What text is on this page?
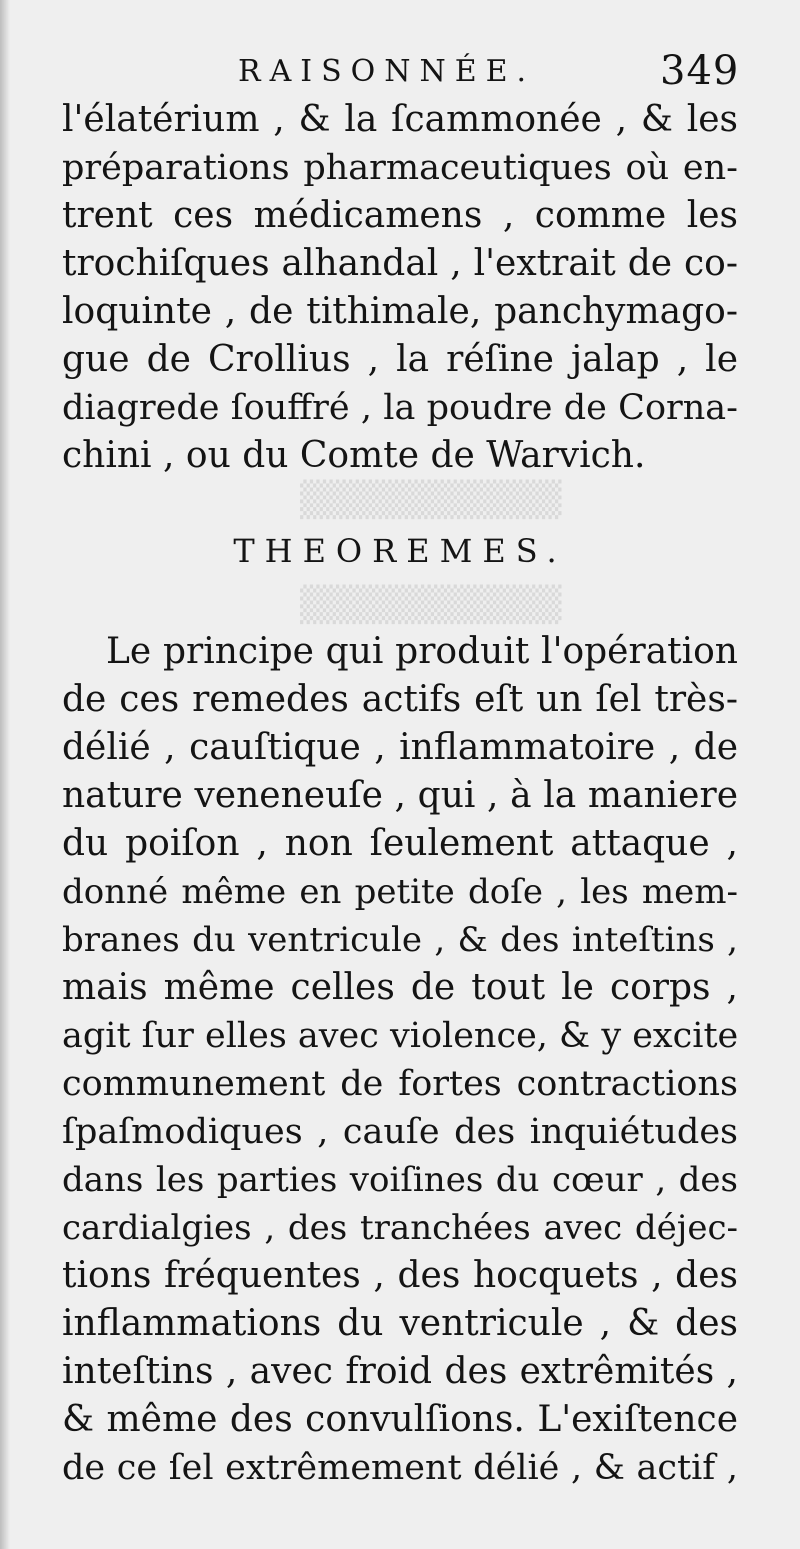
▒▒▒▒▒▒▒▒▒▒
▒▒▒▒▒▒▒▒▒▒
RAISONNÉE.	349
l'élatérium , & la ſcammonée , & les
préparations pharmaceutiques où en-
trent ces médicamens , comme les
trochiſques alhandal , l'extrait de co-
loquinte , de tithimale, panchymago-
gue de Crollius , la réſine jalap , le
diagrede ſouffré , la poudre de Corna-
chini , ou du Comte de Warvich.
THEOREMES.
Le principe qui produit l'opération
de ces remedes actifs eſt un ſel très-
délié , cauſtique , inflammatoire , de
nature veneneuſe , qui , à la maniere
du poiſon , non ſeulement attaque ,
donné même en petite doſe , les mem-
branes du ventricule , & des inteſtins ,
mais même celles de tout le corps ,
agit ſur elles avec violence, & y excite
communement de fortes contractions
ſpaſmodiques , cauſe des inquiétudes
dans les parties voiſines du cœur , des
cardialgies , des tranchées avec déjec-
tions fréquentes , des hocquets , des
inflammations du ventricule , & des
inteſtins , avec froid des extrêmités ,
& même des convulſions. L'exiſtence
de ce ſel extrêmement délié , & actif ,
